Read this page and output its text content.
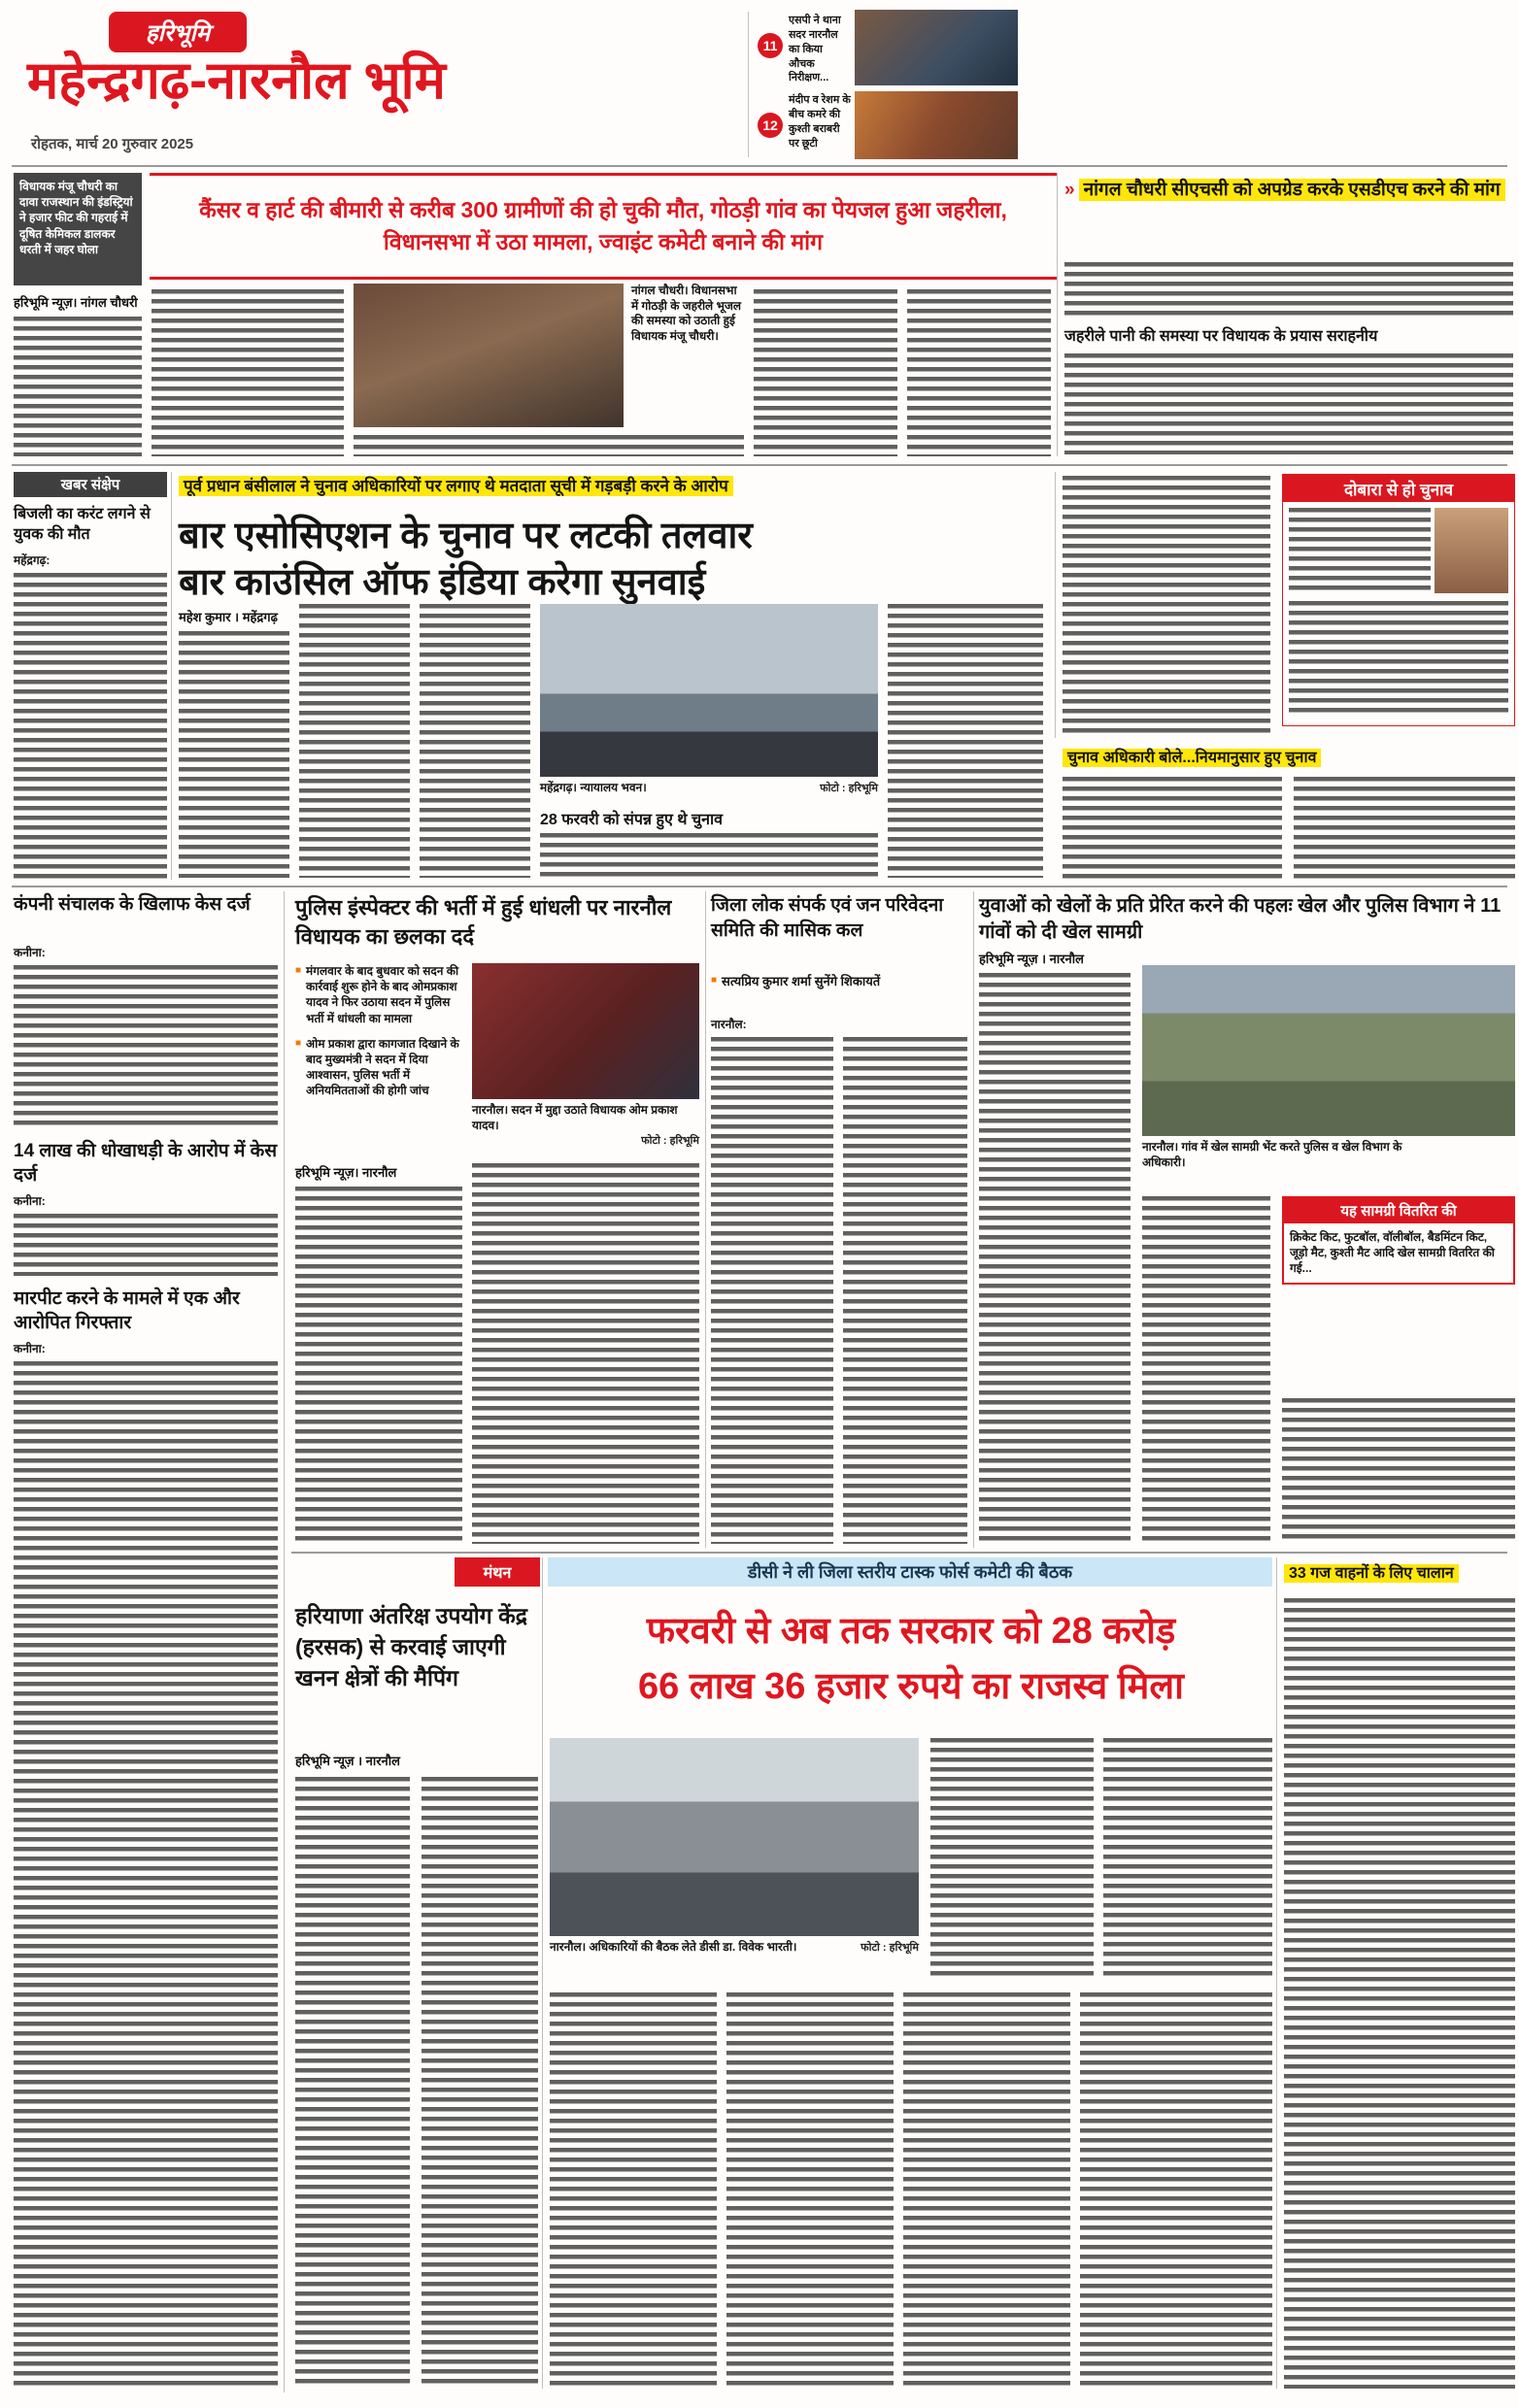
हरिभूमि
महेन्द्रगढ़-नारनौल भूमि
रोहतक, मार्च 20 गुरुवार 2025
11
एसपी ने थाना सदर नारनौल का किया औचक निरीक्षण...
12
मंदीप व रेशम के बीच कमरे की कुश्ती बराबरी पर छूटी
विधायक मंजू चौधरी का दावा राजस्थान की इंडस्ट्रियां ने हजार फीट की गहराई में दूषित केमिकल डालकर धरती में जहर घोला
कैंसर व हार्ट की बीमारी से करीब 300 ग्रामीणों की हो चुकी मौत, गोठड़ी गांव का पेयजल हुआ जहरीला, विधानसभा में उठा मामला, ज्वाइंट कमेटी बनाने की मांग
» नांगल चौधरी सीएचसी को अपग्रेड करके एसडीएच करने की मांग
जहरीले पानी की समस्या पर विधायक के प्रयास सराहनीय
हरिभूमि न्यूज़। नांगल चौधरी
नांगल चौधरी। विधानसभा में गोठड़ी के जहरीले भूजल की समस्या को उठाती हुई विधायक मंजू चौधरी।
खबर संक्षेप
बिजली का करंट लगने से युवक की मौत
महेंद्रगढ़:
पूर्व प्रधान बंसीलाल ने चुनाव अधिकारियों पर लगाए थे मतदाता सूची में गड़बड़ी करने के आरोप
बार एसोसिएशन के चुनाव पर लटकी तलवार
बार काउंसिल ऑफ इंडिया करेगा सुनवाई
महेश कुमार । महेंद्रगढ़
महेंद्रगढ़। न्यायालय भवन।	फोटो : हरिभूमि
28 फरवरी को संपन्न हुए थे चुनाव
दोबारा से हो चुनाव
चुनाव अधिकारी बोले...नियमानुसार हुए चुनाव
कंपनी संचालक के खिलाफ केस दर्ज
कनीना:
14 लाख की धोखाधड़ी के आरोप में केस दर्ज
कनीना:
मारपीट करने के मामले में एक और आरोपित गिरफ्तार
कनीना:
पुलिस इंस्पेक्टर की भर्ती में हुई धांधली पर नारनौल विधायक का छलका दर्द
■ मंगलवार के बाद बुधवार को सदन की कार्रवाई शुरू होने के बाद ओमप्रकाश यादव ने फिर उठाया सदन में पुलिस भर्ती में धांधली का मामला
■ ओम प्रकाश द्वारा कागजात दिखाने के बाद मुख्यमंत्री ने सदन में दिया आश्वासन, पुलिस भर्ती में अनियमितताओं की होगी जांच
हरिभूमि न्यूज़। नारनौल
नारनौल। सदन में मुद्दा उठाते विधायक ओम प्रकाश यादव।
फोटो : हरिभूमि
जिला लोक संपर्क एवं जन परिवेदना समिति की मासिक कल
■ सत्यप्रिय कुमार शर्मा सुनेंगे शिकायतें
नारनौल:
युवाओं को खेलों के प्रति प्रेरित करने की पहलः खेल और पुलिस विभाग ने 11 गांवों को दी खेल सामग्री
हरिभूमि न्यूज़ । नारनौल
नारनौल। गांव में खेल सामग्री भेंट करते पुलिस व खेल विभाग के अधिकारी।
यह सामग्री वितरित की
क्रिकेट किट, फुटबॉल, वॉलीबॉल, बैडमिंटन किट, जूड़ो मैट, कुश्ती मैट आदि खेल सामग्री वितरित की गई...
मंथन	डीसी ने ली जिला स्तरीय टास्क फोर्स कमेटी की बैठक
हरियाणा अंतरिक्ष उपयोग केंद्र (हरसक) से करवाई जाएगी खनन क्षेत्रों की मैपिंग
हरिभूमि न्यूज़ । नारनौल
फरवरी से अब तक सरकार को 28 करोड़
66 लाख 36 हजार रुपये का राजस्व मिला
नारनौल। अधिकारियों की बैठक लेते डीसी डा. विवेक भारती।	फोटो : हरिभूमि
33 गज वाहनों के लिए चालान
